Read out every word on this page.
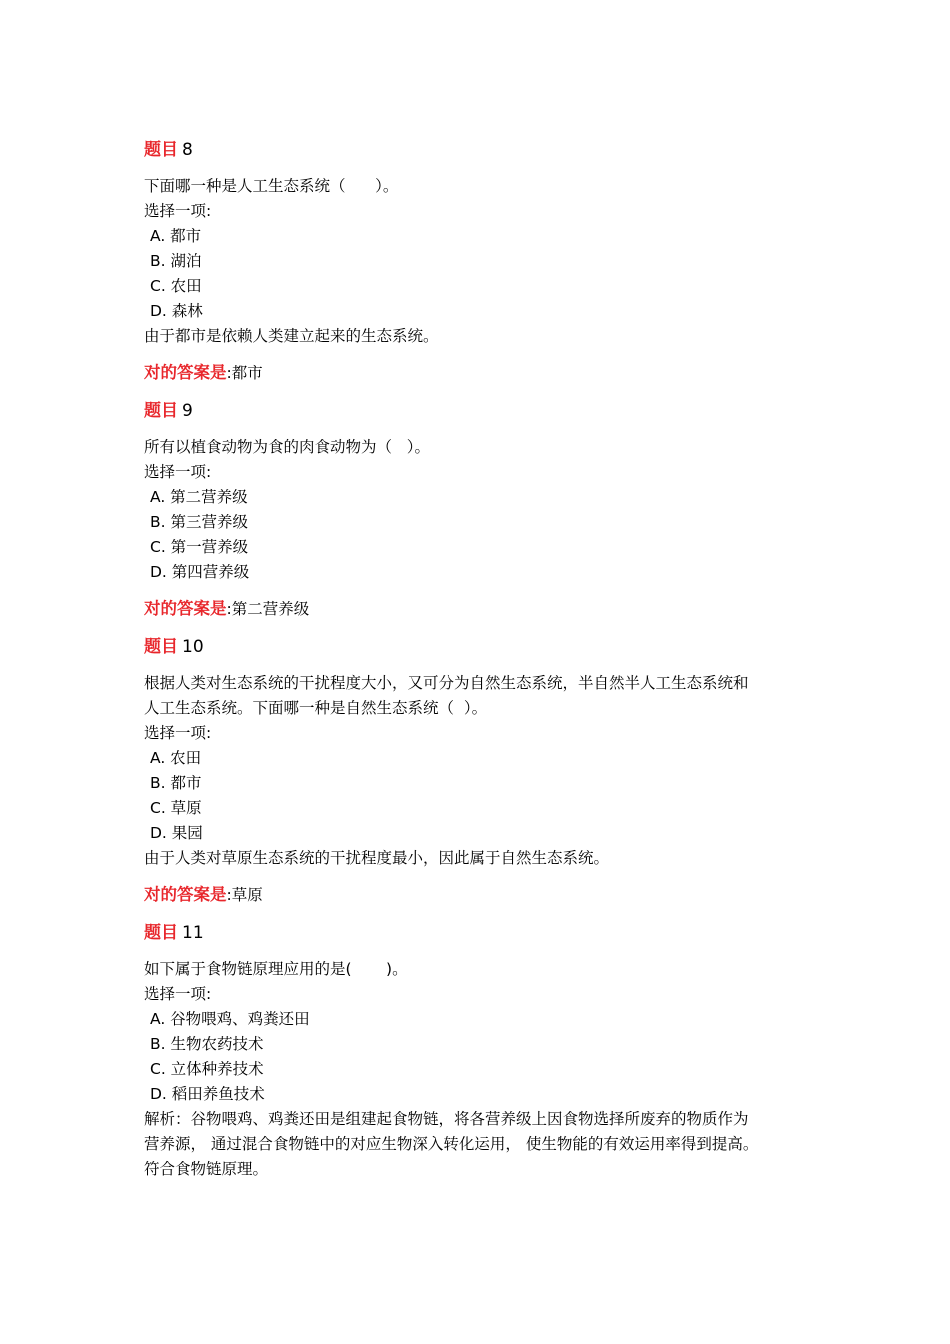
题目 8
下面哪一种是人工生态系统（      ）。
选择一项:
A. 都市
B. 湖泊
C. 农田
D. 森林
由于都市是依赖人类建立起来的生态系统。
对的答案是:都市
题目 9
所有以植食动物为食的肉食动物为（   ）。
选择一项:
A. 第二营养级
B. 第三营养级
C. 第一营养级
D. 第四营养级
对的答案是:第二营养级
题目 10
根据人类对生态系统的干扰程度大小，又可分为自然生态系统，半自然半人工生态系统和
人工生态系统。下面哪一种是自然生态系统（  ）。
选择一项:
A. 农田
B. 都市
C. 草原
D. 果园
由于人类对草原生态系统的干扰程度最小，因此属于自然生态系统。
对的答案是:草原
题目 11
如下属于食物链原理应用的是(       )。
选择一项:
A. 谷物喂鸡、鸡粪还田
B. 生物农药技术
C. 立体种养技术
D. 稻田养鱼技术
解析：谷物喂鸡、鸡粪还田是组建起食物链，将各营养级上因食物选择所废弃的物质作为
营养源， 通过混合食物链中的对应生物深入转化运用， 使生物能的有效运用率得到提高。
符合食物链原理。
